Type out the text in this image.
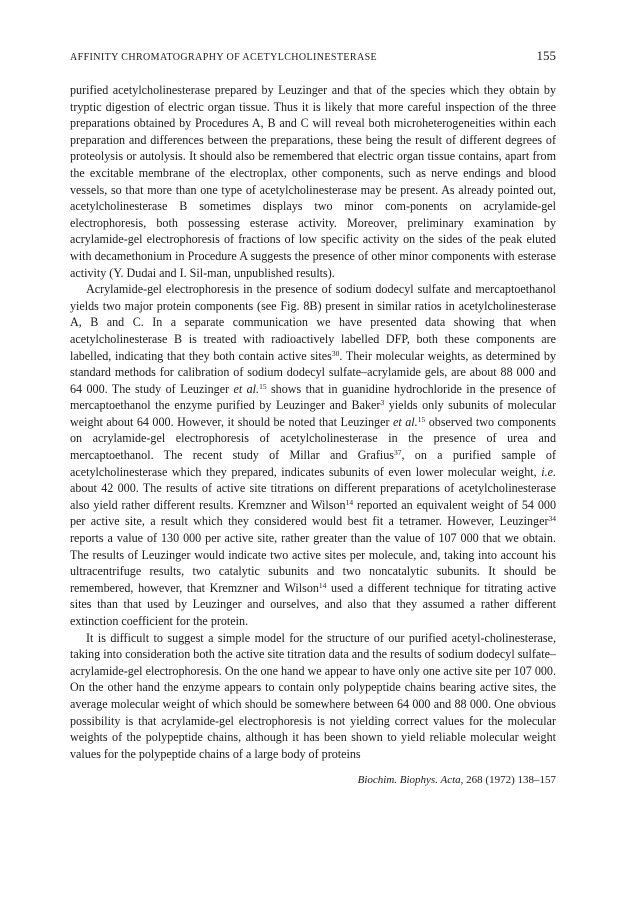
AFFINITY CHROMATOGRAPHY OF ACETYLCHOLINESTERASE	155

purified acetylcholinesterase prepared by Leuzinger and that of the species which they obtain by tryptic digestion of electric organ tissue. Thus it is likely that more careful inspection of the three preparations obtained by Procedures A, B and C will reveal both microheterogeneities within each preparation and differences between the preparations, these being the result of different degrees of proteolysis or autolysis. It should also be remembered that electric organ tissue contains, apart from the excitable membrane of the electroplax, other components, such as nerve endings and blood vessels, so that more than one type of acetylcholinesterase may be present. As already pointed out, acetylcholinesterase B sometimes displays two minor com-ponents on acrylamide-gel electrophoresis, both possessing esterase activity. Moreover, preliminary examination by acrylamide-gel electrophoresis of fractions of low specific activity on the sides of the peak eluted with decamethonium in Procedure A suggests the presence of other minor components with esterase activity (Y. Dudai and I. Sil-man, unpublished results).

Acrylamide-gel electrophoresis in the presence of sodium dodecyl sulfate and mercaptoethanol yields two major protein components (see Fig. 8B) present in similar ratios in acetylcholinesterase A, B and C. In a separate communication we have presented data showing that when acetylcholinesterase B is treated with radioactively labelled DFP, both these components are labelled, indicating that they both contain active sites$^{30}$. Their molecular weights, as determined by standard methods for calibration of sodium dodecyl sulfate–acrylamide gels, are about 88 000 and 64 000. The study of Leuzinger et al.$^{15}$ shows that in guanidine hydrochloride in the presence of mercaptoethanol the enzyme purified by Leuzinger and Baker$^3$ yields only subunits of molecular weight about 64 000. However, it should be noted that Leuzinger et al.$^{15}$ observed two components on acrylamide-gel electrophoresis of acetylcholinesterase in the presence of urea and mercaptoethanol. The recent study of Millar and Grafius$^{37}$, on a purified sample of acetylcholinesterase which they prepared, indicates subunits of even lower molecular weight, i.e. about 42 000. The results of active site titrations on different preparations of acetylcholinesterase also yield rather different results. Kremzner and Wilson$^{14}$ reported an equivalent weight of 54 000 per active site, a result which they considered would best fit a tetramer. However, Leuzinger$^{34}$ reports a value of 130 000 per active site, rather greater than the value of 107 000 that we obtain. The results of Leuzinger would indicate two active sites per molecule, and, taking into account his ultracentrifuge results, two catalytic subunits and two noncatalytic subunits. It should be remembered, however, that Kremzner and Wilson$^{14}$ used a different technique for titrating active sites than that used by Leuzinger and ourselves, and also that they assumed a rather different extinction coefficient for the protein.

It is difficult to suggest a simple model for the structure of our purified acetyl-cholinesterase, taking into consideration both the active site titration data and the results of sodium dodecyl sulfate–acrylamide-gel electrophoresis. On the one hand we appear to have only one active site per 107 000. On the other hand the enzyme appears to contain only polypeptide chains bearing active sites, the average molecular weight of which should be somewhere between 64 000 and 88 000. One obvious possibility is that acrylamide-gel electrophoresis is not yielding correct values for the molecular weights of the polypeptide chains, although it has been shown to yield reliable molecular weight values for the polypeptide chains of a large body of proteins

Biochim. Biophys. Acta, 268 (1972) 138–157
